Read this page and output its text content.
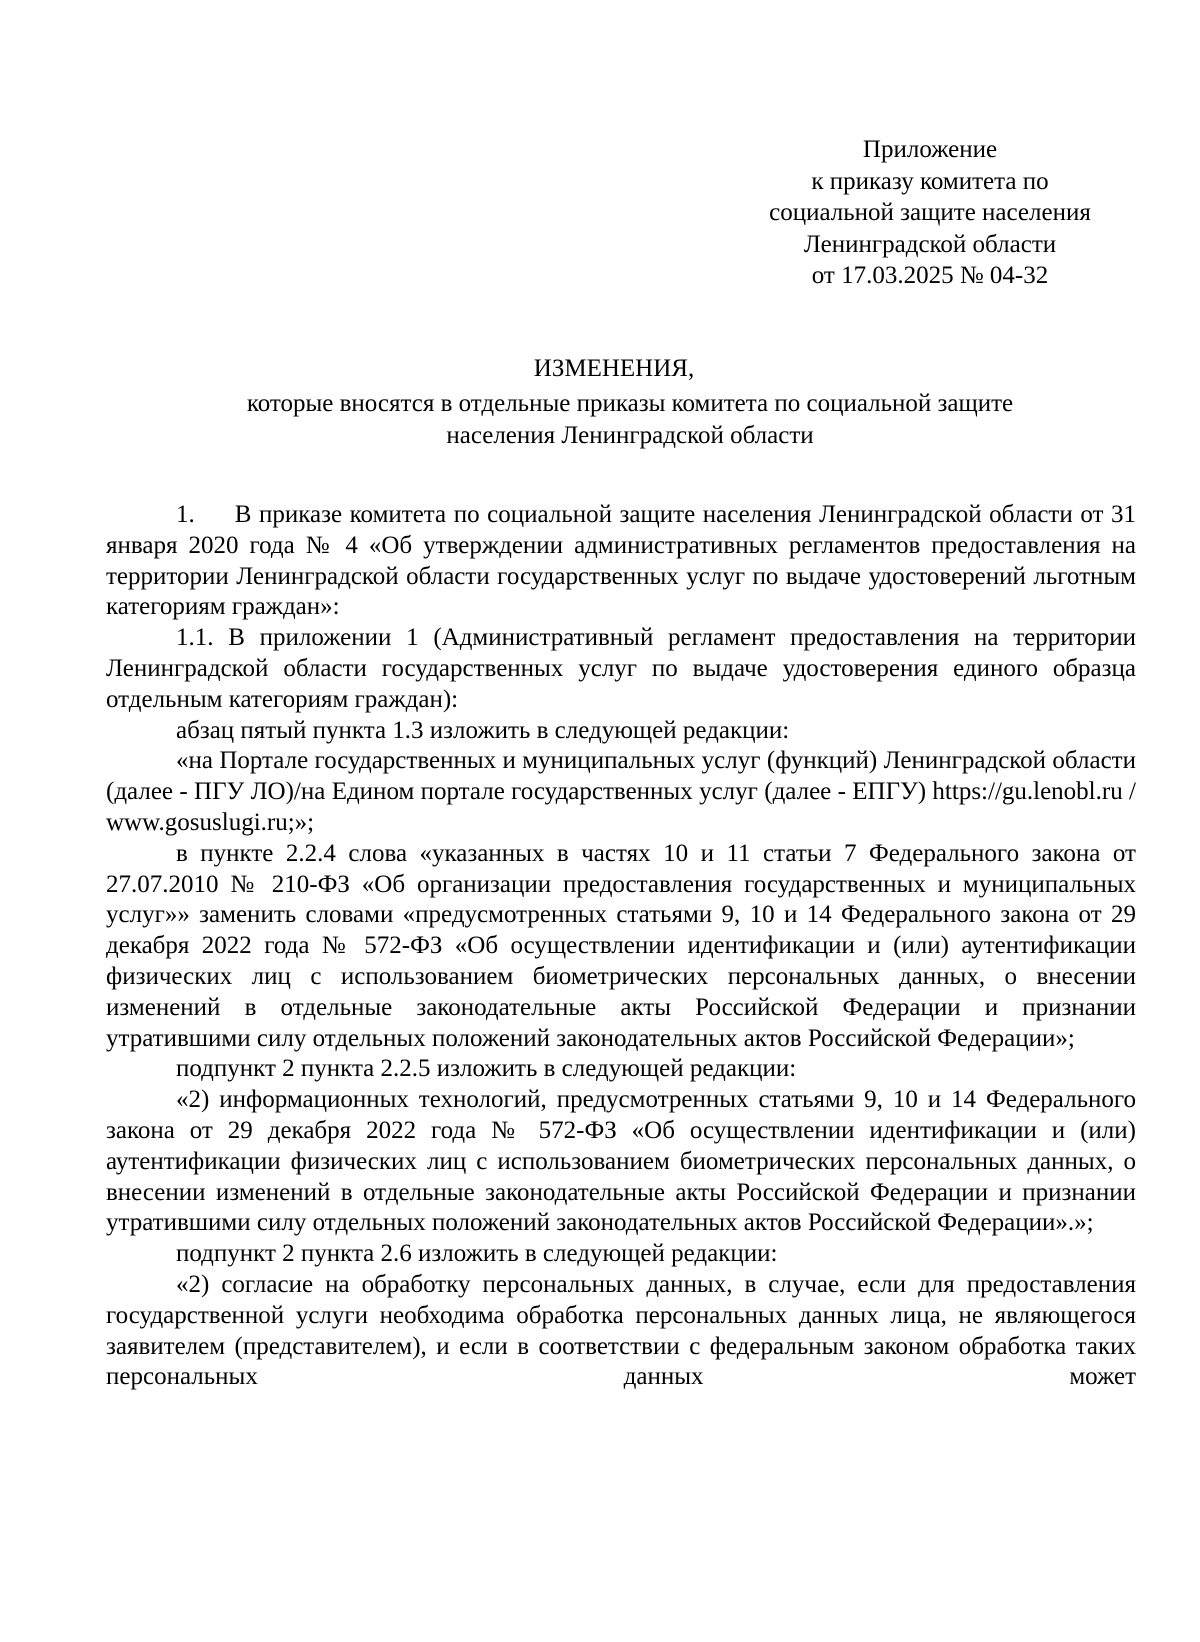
Приложение
к приказу комитета по
социальной защите населения
Ленинградской области
от 17.03.2025 № 04-32
ИЗМЕНЕНИЯ,
которые вносятся в отдельные приказы комитета по социальной защите
населения Ленинградской области

1. В приказе комитета по социальной защите населения Ленинградской области от 31 января 2020 года № 4 «Об утверждении административных регламентов предоставления на территории Ленинградской области государственных услуг по выдаче удостоверений льготным категориям граждан»:

1.1. В приложении 1 (Административный регламент предоставления на территории Ленинградской области государственных услуг по выдаче удостоверения единого образца отдельным категориям граждан):

абзац пятый пункта 1.3 изложить в следующей редакции:

«на Портале государственных и муниципальных услуг (функций) Ленинградской области (далее - ПГУ ЛО)/на Едином портале государственных услуг (далее - ЕПГУ) https://gu.lenobl.ru / www.gosuslugi.ru;»;

в пункте 2.2.4 слова «указанных в частях 10 и 11 статьи 7 Федерального закона от 27.07.2010 № 210-ФЗ «Об организации предоставления государственных и муниципальных услуг»» заменить словами «предусмотренных статьями 9, 10 и 14 Федерального закона от 29 декабря 2022 года № 572-ФЗ «Об осуществлении идентификации и (или) аутентификации физических лиц с использованием биометрических персональных данных, о внесении изменений в отдельные законодательные акты Российской Федерации и признании утратившими силу отдельных положений законодательных актов Российской Федерации»;

подпункт 2 пункта 2.2.5 изложить в следующей редакции:

«2) информационных технологий, предусмотренных статьями 9, 10 и 14 Федерального закона от 29 декабря 2022 года № 572-ФЗ «Об осуществлении идентификации и (или) аутентификации физических лиц с использованием биометрических персональных данных, о внесении изменений в отдельные законодательные акты Российской Федерации и признании утратившими силу отдельных положений законодательных актов Российской Федерации».»;

подпункт 2 пункта 2.6 изложить в следующей редакции:

«2) согласие на обработку персональных данных, в случае, если для предоставления государственной услуги необходима обработка персональных данных лица, не являющегося заявителем (представителем), и если в соответствии с федеральным законом обработка таких персональных данных может
